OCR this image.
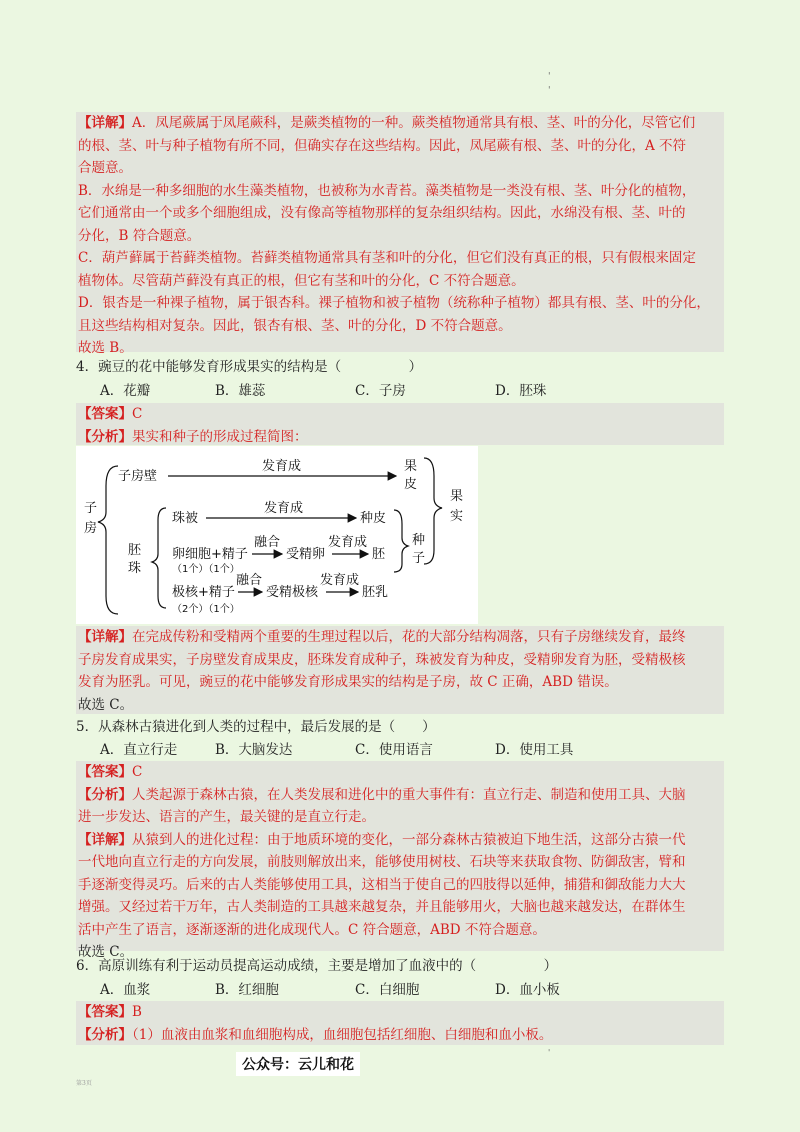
'
'

【详解】A．凤尾蕨属于凤尾蕨科，是蕨类植物的一种。蕨类植物通常具有根、茎、叶的分化，尽管它们

的根、茎、叶与种子植物有所不同，但确实存在这些结构。因此，凤尾蕨有根、茎、叶的分化，A 不符

合题意。

B．水绵是一种多细胞的水生藻类植物，也被称为水青苔。藻类植物是一类没有根、茎、叶分化的植物，

它们通常由一个或多个细胞组成，没有像高等植物那样的复杂组织结构。因此，水绵没有根、茎、叶的

分化，B 符合题意。

C．葫芦藓属于苔藓类植物。苔藓类植物通常具有茎和叶的分化，但它们没有真正的根，只有假根来固定

植物体。尽管葫芦藓没有真正的根，但它有茎和叶的分化，C 不符合题意。

D．银杏是一种裸子植物，属于银杏科。裸子植物和被子植物（统称种子植物）都具有根、茎、叶的分化，

且这些结构相对复杂。因此，银杏有根、茎、叶的分化，D 不符合题意。

故选 B。

4．豌豆的花中能够发育形成果实的结构是（　　　　　）
A．花瓣	B．雄蕊	C．子房	D．胚珠

【答案】C

【分析】果实和种子的形成过程简图：

子
房
子房壁
发育成	果
皮
果
实
胚
珠
珠被
发育成
种皮
卵细胞+精子
（1个）（1个）
融合
受精卵
发育成
胚
极核+精子
（2个）（1个）
融合
受精极核
发育成
胚乳
种
子

【详解】在完成传粉和受精两个重要的生理过程以后，花的大部分结构凋落，只有子房继续发育，最终

子房发育成果实，子房壁发育成果皮，胚珠发育成种子，珠被发育为种皮，受精卵发育为胚，受精极核

发育为胚乳。可见，豌豆的花中能够发育形成果实的结构是子房，故 C 正确，ABD 错误。

故选 C。

5．从森林古猿进化到人类的过程中，最后发展的是（　　）
A．直立行走	B．大脑发达	C．使用语言	D．使用工具

【答案】C

【分析】人类起源于森林古猿，在人类发展和进化中的重大事件有：直立行走、制造和使用工具、大脑

进一步发达、语言的产生，最关键的是直立行走。

【详解】从猿到人的进化过程：由于地质环境的变化，一部分森林古猿被迫下地生活，这部分古猿一代

一代地向直立行走的方向发展，前肢则解放出来，能够使用树枝、石块等来获取食物、防御敌害，臂和

手逐渐变得灵巧。后来的古人类能够使用工具，这相当于使自己的四肢得以延伸，捕猎和御敌能力大大

增强。又经过若干万年，古人类制造的工具越来越复杂，并且能够用火，大脑也越来越发达，在群体生

活中产生了语言，逐渐逐渐的进化成现代人。C 符合题意，ABD 不符合题意。

故选 C。

6．高原训练有利于运动员提高运动成绩，主要是增加了血液中的（　　　　　）
A．血浆	B．红细胞	C．白细胞	D．血小板

【答案】B

【分析】（1）血液由血浆和血细胞构成，血细胞包括红细胞、白细胞和血小板。

'
公众号：云儿和花
第3页
